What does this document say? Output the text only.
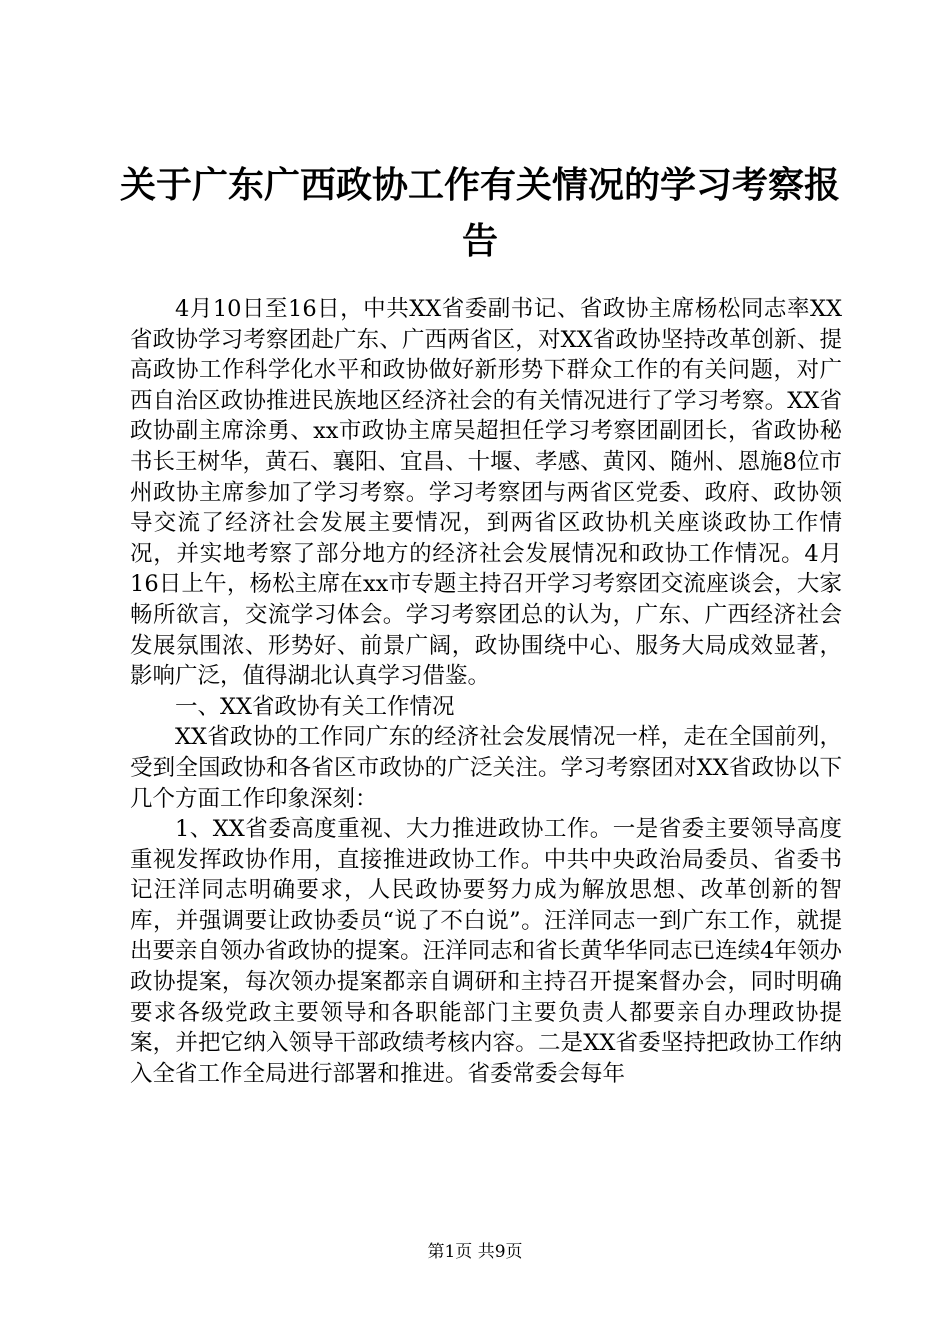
关于广东广西政协工作有关情况的学习考察报告

4月10日至16日，中共XX省委副书记、省政协主席杨松同志率XX省政协学习考察团赴广东、广西两省区，对XX省政协坚持改革创新、提高政协工作科学化水平和政协做好新形势下群众工作的有关问题，对广西自治区政协推进民族地区经济社会的有关情况进行了学习考察。XX省政协副主席涂勇、xx市政协主席吴超担任学习考察团副团长，省政协秘书长王树华，黄石、襄阳、宜昌、十堰、孝感、黄冈、随州、恩施8位市州政协主席参加了学习考察。学习考察团与两省区党委、政府、政协领导交流了经济社会发展主要情况，到两省区政协机关座谈政协工作情况，并实地考察了部分地方的经济社会发展情况和政协工作情况。4月16日上午，杨松主席在xx市专题主持召开学习考察团交流座谈会，大家畅所欲言，交流学习体会。学习考察团总的认为，广东、广西经济社会发展氛围浓、形势好、前景广阔，政协围绕中心、服务大局成效显著，影响广泛，值得湖北认真学习借鉴。

一、XX省政协有关工作情况

XX省政协的工作同广东的经济社会发展情况一样，走在全国前列，受到全国政协和各省区市政协的广泛关注。学习考察团对XX省政协以下几个方面工作印象深刻：

1、XX省委高度重视、大力推进政协工作。一是省委主要领导高度重视发挥政协作用，直接推进政协工作。中共中央政治局委员、省委书记汪洋同志明确要求，人民政协要努力成为解放思想、改革创新的智库，并强调要让政协委员“说了不白说”。汪洋同志一到广东工作，就提出要亲自领办省政协的提案。汪洋同志和省长黄华华同志已连续4年领办政协提案，每次领办提案都亲自调研和主持召开提案督办会，同时明确要求各级党政主要领导和各职能部门主要负责人都要亲自办理政协提案，并把它纳入领导干部政绩考核内容。二是XX省委坚持把政协工作纳入全省工作全局进行部署和推进。省委常委会每年

第1页 共9页
